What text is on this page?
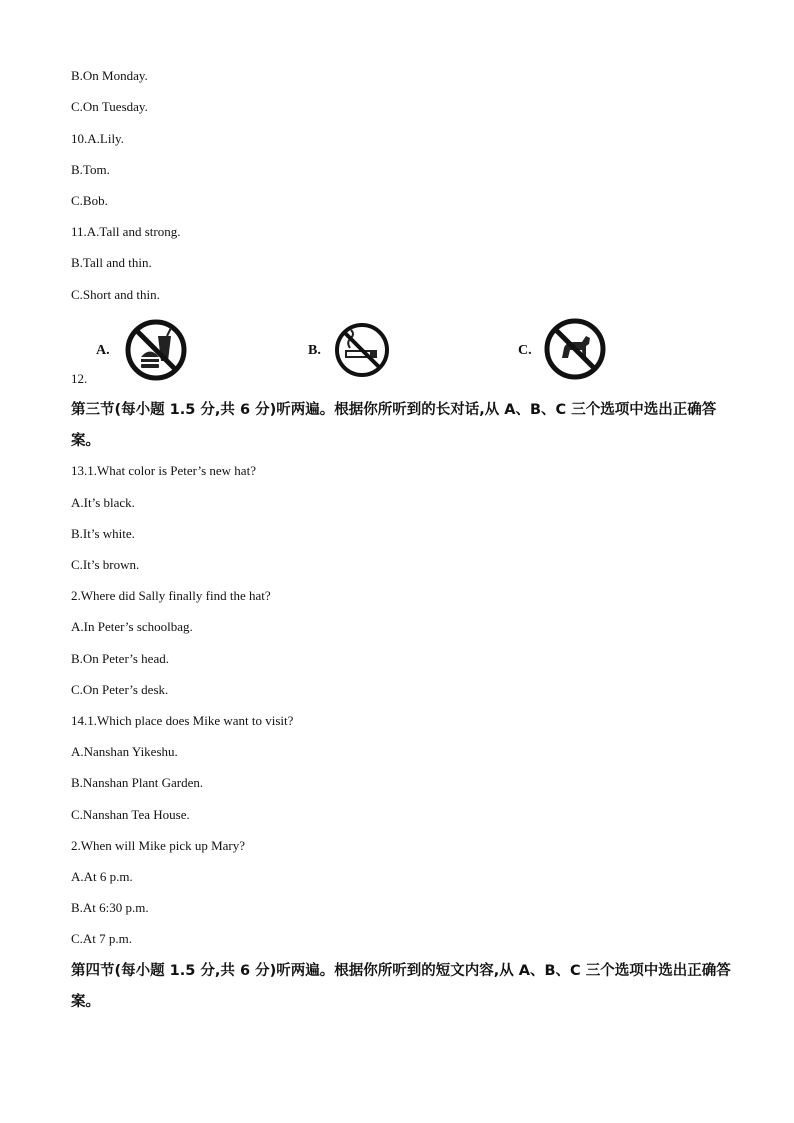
B.On Monday.
C.On Tuesday.
10.A.Lily.
B.Tom.
C.Bob.
11.A.Tall and strong.
B.Tall and thin.
C.Short and thin.
A.	B.	C.
12.
第三节(每小题 1.5 分,共 6 分)听两遍。根据你所听到的长对话,从 A、B、C 三个选项中选出正确答案。
13.1.What color is Peter’s new hat?
A.It’s black.
B.It’s white.
C.It’s brown.
2.Where did Sally finally find the hat?
A.In Peter’s schoolbag.
B.On Peter’s head.
C.On Peter’s desk.
14.1.Which place does Mike want to visit?
A.Nanshan Yikeshu.
B.Nanshan Plant Garden.
C.Nanshan Tea House.
2.When will Mike pick up Mary?
A.At 6 p.m.
B.At 6:30 p.m.
C.At 7 p.m.
第四节(每小题 1.5 分,共 6 分)听两遍。根据你所听到的短文内容,从 A、B、C 三个选项中选出正确答案。
